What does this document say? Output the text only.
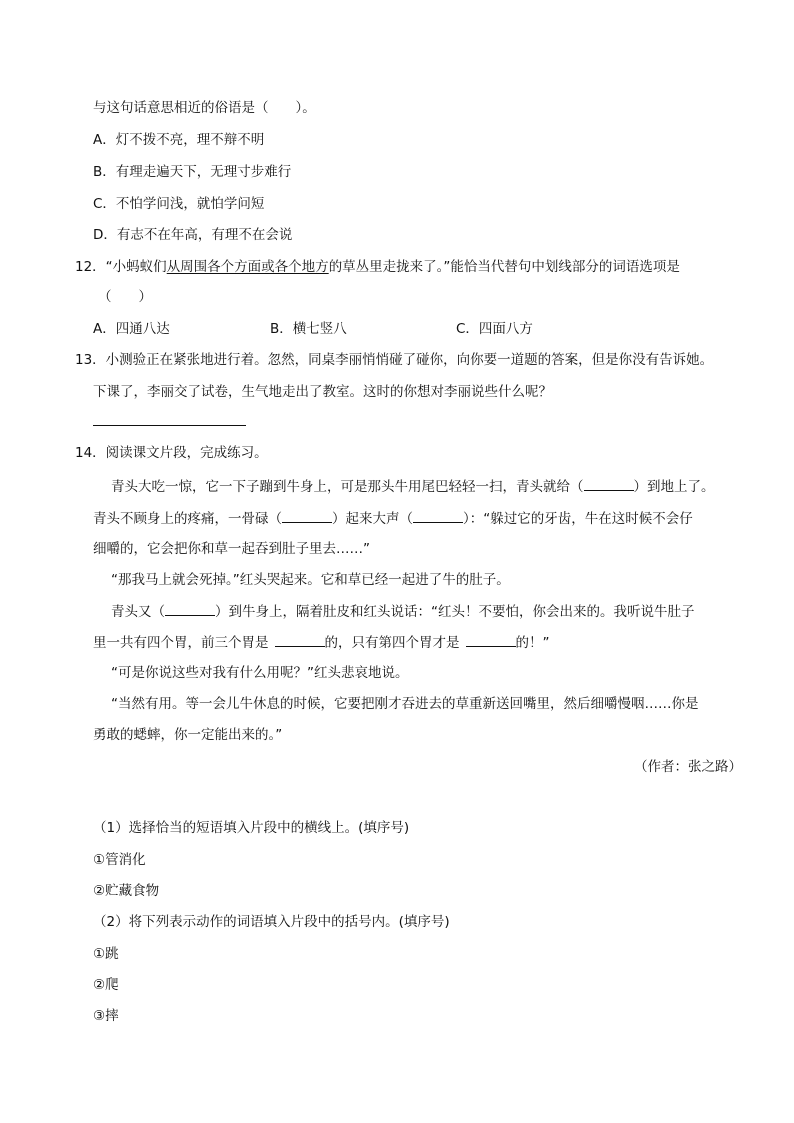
与这句话意思相近的俗语是（　　）。
A．灯不拨不亮，理不辩不明
B．有理走遍天下，无理寸步难行
C．不怕学问浅，就怕学问短
D．有志不在年高，有理不在会说
12．“小蚂蚁们从周围各个方面或各个地方的草丛里走拢来了。”能恰当代替句中划线部分的词语选项是
（　　）
A．四通八达	B．横七竖八	C．四面八方
13．小测验正在紧张地进行着。忽然，同桌李丽悄悄碰了碰你，向你要一道题的答案，但是你没有告诉她。
下课了，李丽交了试卷，生气地走出了教室。这时的你想对李丽说些什么呢？
14．阅读课文片段，完成练习。
青头大吃一惊，它一下子蹦到牛身上，可是那头牛用尾巴轻轻一扫，青头就给（	）到地上了。
青头不顾身上的疼痛，一骨碌（	）起来大声（	）：“躲过它的牙齿，牛在这时候不会仔
细嚼的，它会把你和草一起吞到肚子里去……”
“那我马上就会死掉。”红头哭起来。它和草已经一起进了牛的肚子。
青头又（	）到牛身上，隔着肚皮和红头说话：“红头！不要怕，你会出来的。我听说牛肚子
里一共有四个胃，前三个胃是	的，只有第四个胃才是	的！”
“可是你说这些对我有什么用呢？”红头悲哀地说。
“当然有用。等一会儿牛休息的时候，它要把刚才吞进去的草重新送回嘴里，然后细嚼慢咽……你是
勇敢的蟋蟀，你一定能出来的。”
（作者：张之路）
（1）选择恰当的短语填入片段中的横线上。(填序号)
①管消化
②贮藏食物
（2）将下列表示动作的词语填入片段中的括号内。(填序号)
①跳
②爬
③摔
